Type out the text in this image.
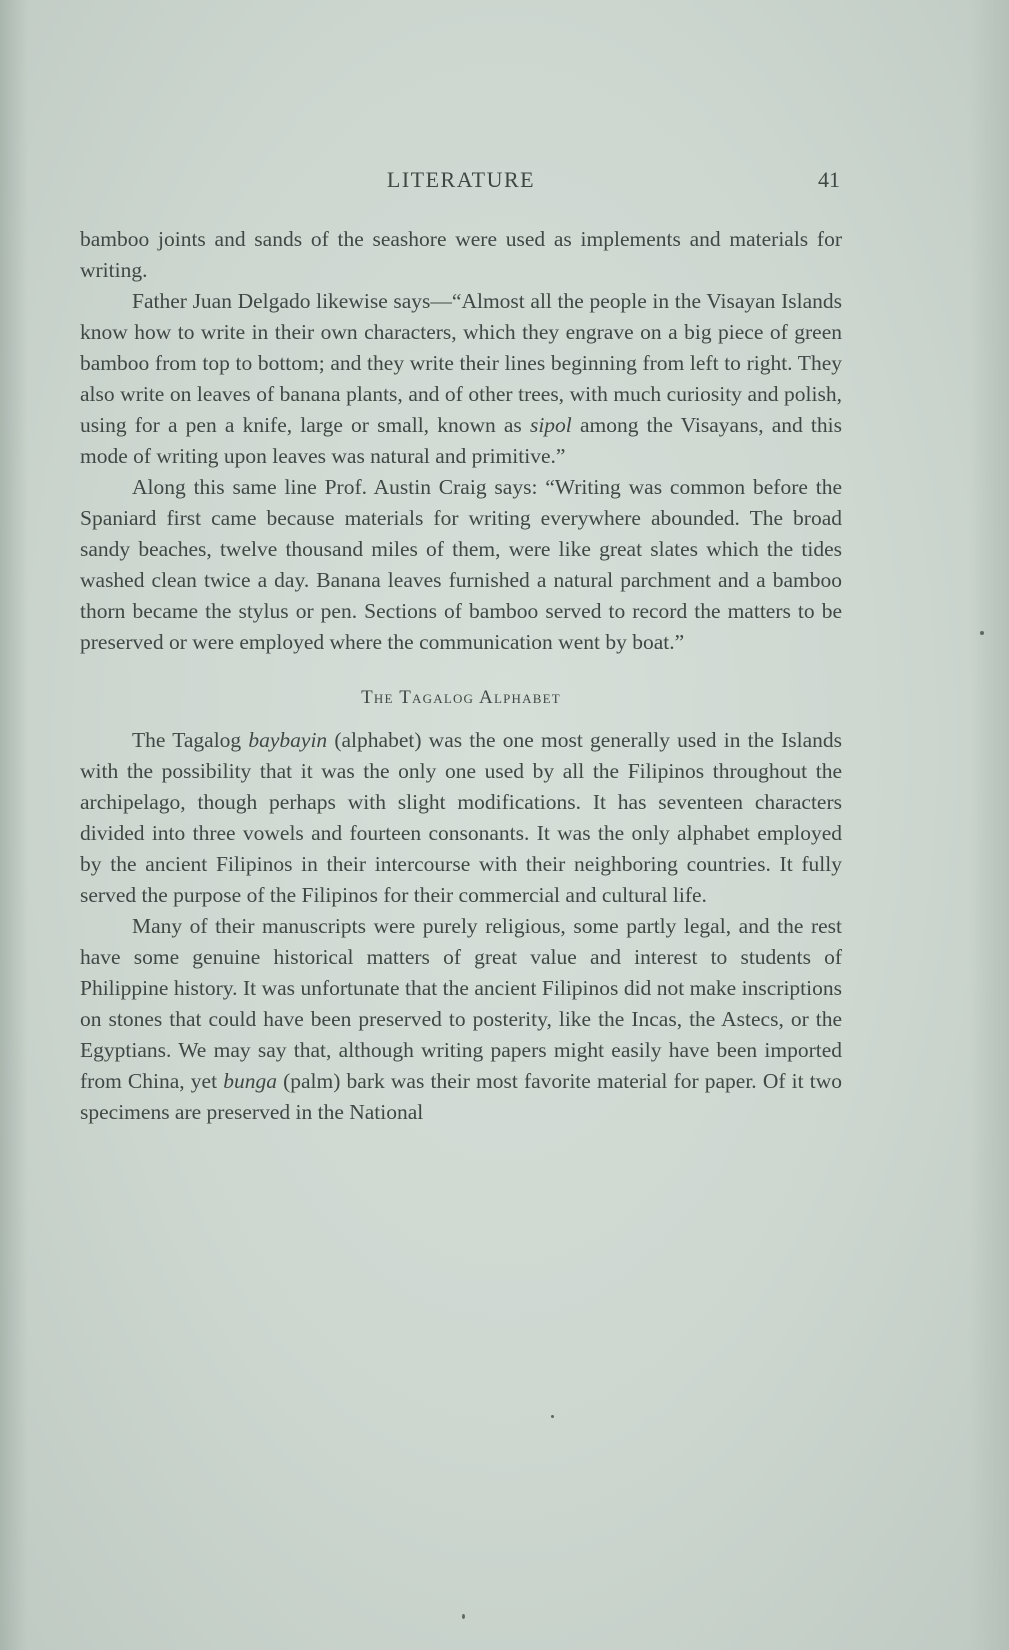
LITERATURE	41

bamboo joints and sands of the seashore were used as implements and materials for writing.

Father Juan Delgado likewise says—“Almost all the people in the Visayan Islands know how to write in their own characters, which they engrave on a big piece of green bamboo from top to bottom; and they write their lines beginning from left to right. They also write on leaves of banana plants, and of other trees, with much curiosity and polish, using for a pen a knife, large or small, known as sipol among the Visayans, and this mode of writing upon leaves was natural and primitive.”

Along this same line Prof. Austin Craig says: “Writing was common before the Spaniard first came because materials for writing everywhere abounded. The broad sandy beaches, twelve thousand miles of them, were like great slates which the tides washed clean twice a day. Banana leaves furnished a natural parchment and a bamboo thorn became the stylus or pen. Sections of bamboo served to record the matters to be preserved or were employed where the communication went by boat.”

The Tagalog Alphabet

The Tagalog baybayin (alphabet) was the one most generally used in the Islands with the possibility that it was the only one used by all the Filipinos throughout the archipelago, though perhaps with slight modifications. It has seventeen characters divided into three vowels and fourteen consonants. It was the only alphabet employed by the ancient Filipinos in their intercourse with their neighboring countries. It fully served the purpose of the Filipinos for their commercial and cultural life.

Many of their manuscripts were purely religious, some partly legal, and the rest have some genuine historical matters of great value and interest to students of Philippine history. It was unfortunate that the ancient Filipinos did not make inscriptions on stones that could have been preserved to posterity, like the Incas, the Astecs, or the Egyptians. We may say that, although writing papers might easily have been imported from China, yet bunga (palm) bark was their most favorite material for paper. Of it two specimens are preserved in the National
